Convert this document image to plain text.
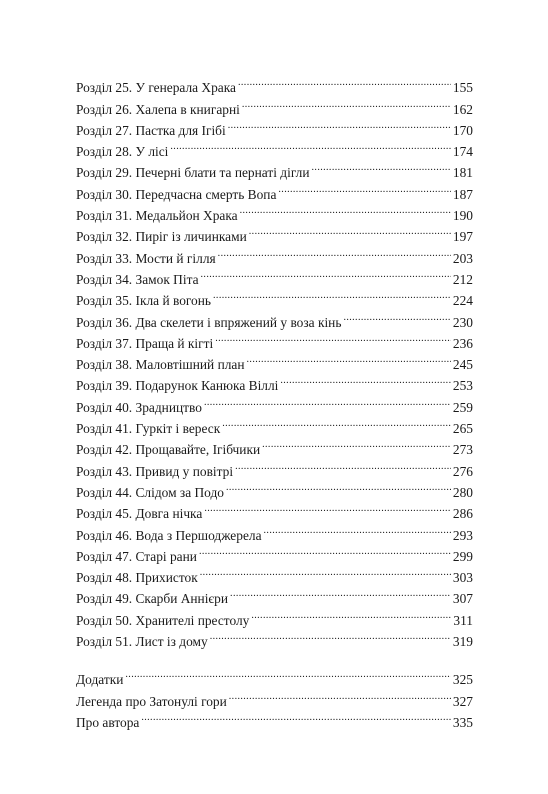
Розділ 25. У генерала Храка .....	155
Розділ 26. Халепа в книгарні .....	162
Розділ 27. Пастка для Ігібі .....	170
Розділ 28. У лісі .....	174
Розділ 29. Печерні блати та пернаті дігли .....	181
Розділ 30. Передчасна смерть Вопа .....	187
Розділ 31. Медальйон Храка .....	190
Розділ 32. Пиріг із личинками .....	197
Розділ 33. Мости й гілля .....	203
Розділ 34. Замок Піта .....	212
Розділ 35. Ікла й вогонь .....	224
Розділ 36. Два скелети і впряжений у воза кінь .....	230
Розділ 37. Праща й кігті .....	236
Розділ 38. Маловтішний план .....	245
Розділ 39. Подарунок Канюка Віллі .....	253
Розділ 40. Зрадництво .....	259
Розділ 41. Гуркіт і вереск .....	265
Розділ 42. Прощавайте, Ігібчики .....	273
Розділ 43. Привид у повітрі .....	276
Розділ 44. Слідом за Подо .....	280
Розділ 45. Довга нічка .....	286
Розділ 46. Вода з Першоджерела .....	293
Розділ 47. Старі рани .....	299
Розділ 48. Прихисток .....	303
Розділ 49. Скарби Аннієри .....	307
Розділ 50. Хранителі престолу .....	311
Розділ 51. Лист із дому .....	319
Додатки .....	325
Легенда про Затонулі гори .....	327
Про автора .....	335
